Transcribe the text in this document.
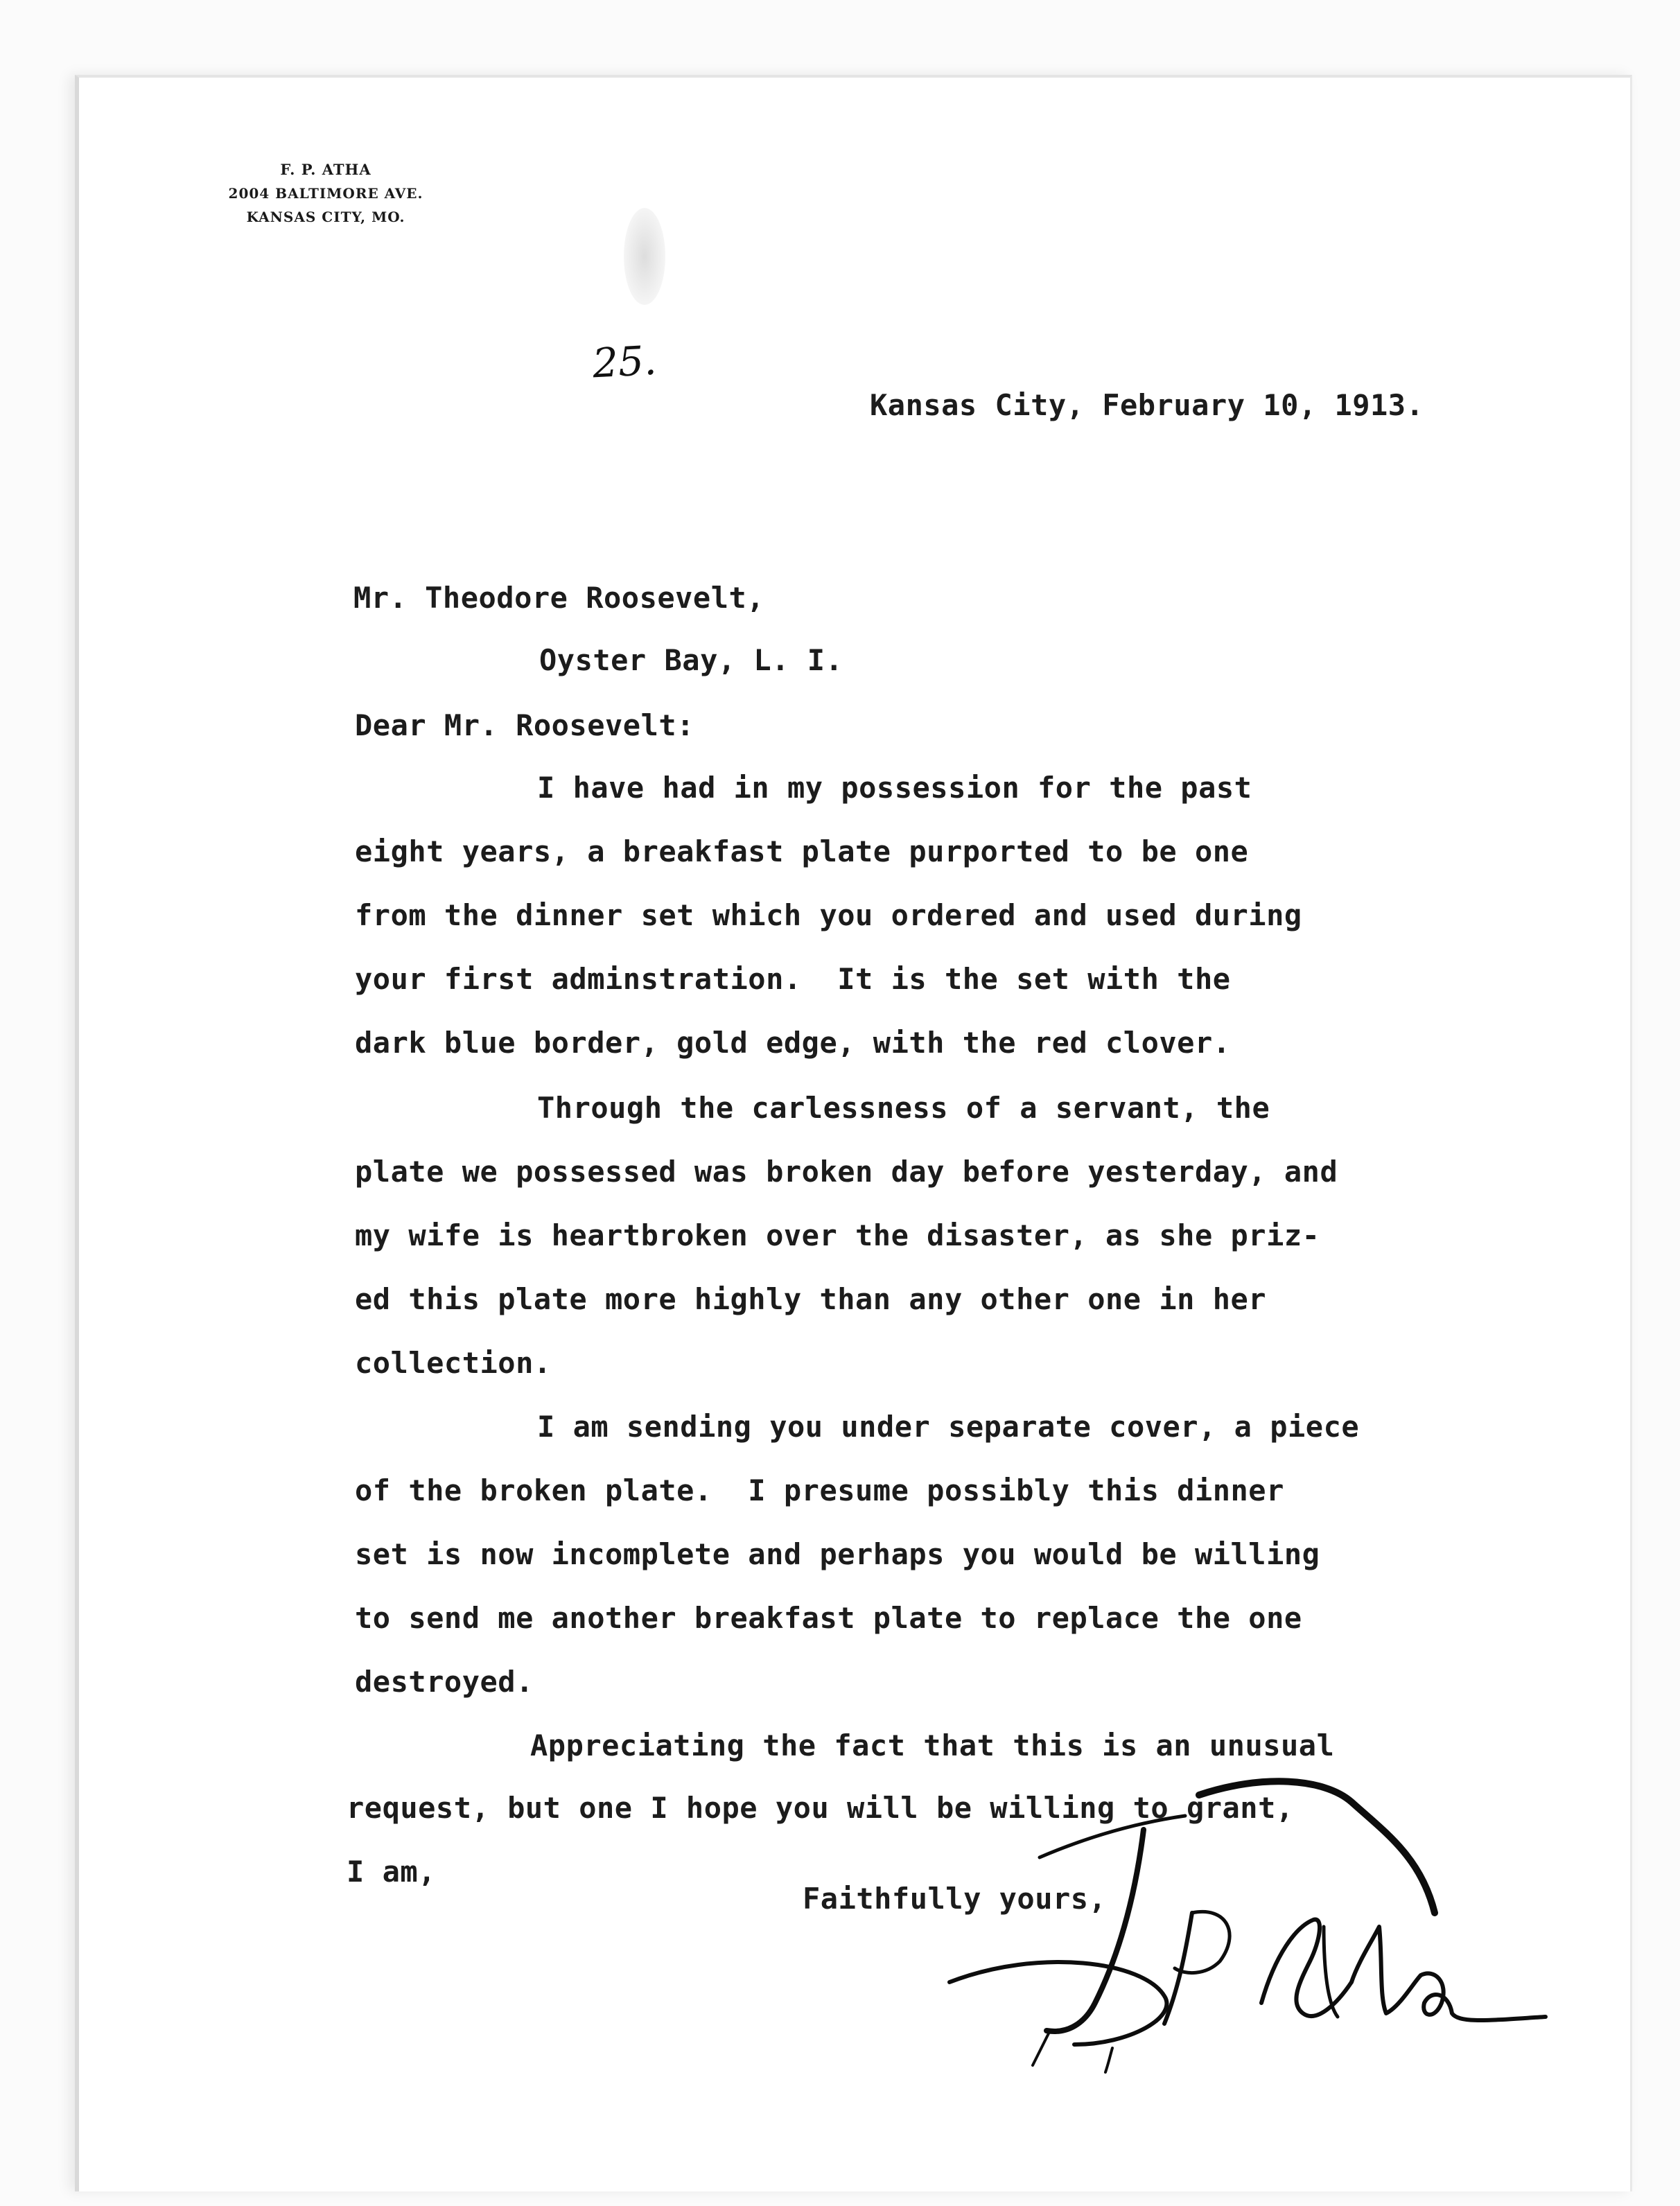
F. P. ATHA
2004 BALTIMORE AVE.
KANSAS CITY, MO.
25.
Kansas City, February 10, 1913.
Mr. Theodore Roosevelt,
Oyster Bay, L. I.
Dear Mr. Roosevelt:
I have had in my possession for the past
eight years, a breakfast plate purported to be one
from the dinner set which you ordered and used during
your first adminstration.  It is the set with the
dark blue border, gold edge, with the red clover.
Through the carlessness of a servant, the
plate we possessed was broken day before yesterday, and
my wife is heartbroken over the disaster, as she priz-
ed this plate more highly than any other one in her
collection.
I am sending you under separate cover, a piece
of the broken plate.  I presume possibly this dinner
set is now incomplete and perhaps you would be willing
to send me another breakfast plate to replace the one
destroyed.
Appreciating the fact that this is an unusual
request, but one I hope you will be willing to grant,
I am,
Faithfully yours,
